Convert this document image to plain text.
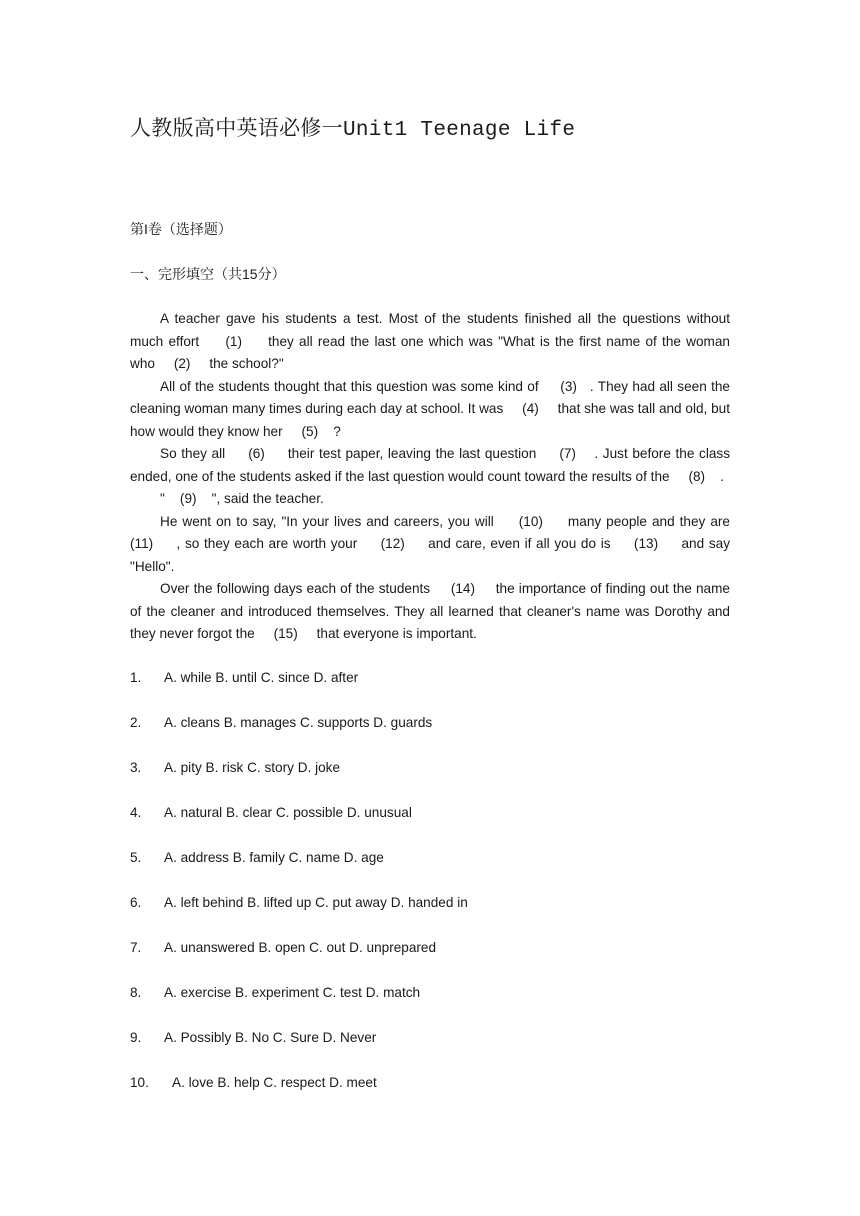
人教版高中英语必修一Unit1 Teenage Life
第I卷（选择题）
一、完形填空（共15分）

A teacher gave his students a test. Most of the students finished all the questions without much effort     (1)     they all read the last one which was "What is the first name of the woman who     (2)     the school?"

All of the students thought that this question was some kind of     (3)   . They had all seen the cleaning woman many times during each day at school. It was     (4)     that she was tall and old, but how would they know her     (5)    ?

So they all     (6)     their test paper, leaving the last question     (7)    . Just before the class ended, one of the students asked if the last question would count toward the results of the     (8)    .

"    (9)    ", said the teacher.

He went on to say, "In your lives and careers, you will     (10)     many people and they are (11)     , so they each are worth your     (12)     and care, even if all you do is     (13)     and say "Hello".

Over the following days each of the students     (14)     the importance of finding out the name of the cleaner and introduced themselves. They all learned that cleaner's name was Dorothy and they never forgot the     (15)     that everyone is important.

1. A. while B. until C. since D. after
2. A. cleans B. manages C. supports D. guards
3. A. pity B. risk C. story D. joke
4. A. natural B. clear C. possible D. unusual
5. A. address B. family C. name D. age
6. A. left behind B. lifted up C. put away D. handed in
7. A. unanswered B. open C. out D. unprepared
8. A. exercise B. experiment C. test D. match
9. A. Possibly B. No C. Sure D. Never
10. A. love B. help C. respect D. meet
